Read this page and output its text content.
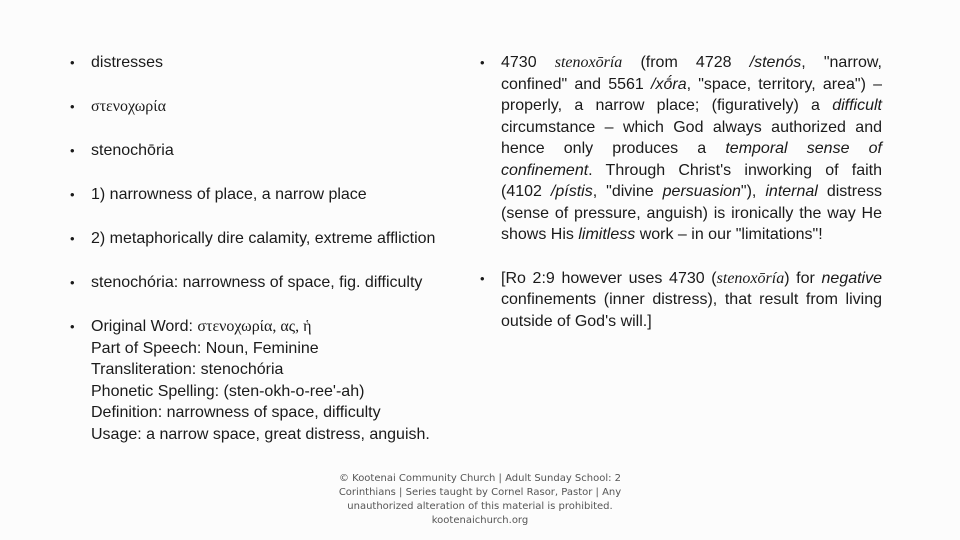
• distresses
• στενοχωρία
• stenochōria
• 1) narrowness of place, a narrow place
• 2) metaphorically dire calamity, extreme affliction
• stenochória: narrowness of space, fig. difficulty
• Original Word: στενοχωρία, ας, ἡ
Part of Speech: Noun, Feminine
Transliteration: stenochória
Phonetic Spelling: (sten-okh-o-ree'-ah)
Definition: narrowness of space, difficulty
Usage: a narrow space, great distress, anguish.
• 4730 stenoxōría (from 4728 /stenós, "narrow, confined" and 5561 /xṓra, "space, territory, area") – properly, a narrow place; (figuratively) a difficult circumstance – which God always authorized and hence only produces a temporal sense of confinement. Through Christ's inworking of faith (4102 /pístis, "divine persuasion"), internal distress (sense of pressure, anguish) is ironically the way He shows His limitless work – in our "limitations"!
• [Ro 2:9 however uses 4730 (stenoxōría) for negative confinements (inner distress), that result from living outside of God's will.]
© Kootenai Community Church | Adult Sunday School: 2
Corinthians | Series taught by Cornel Rasor, Pastor | Any
unauthorized alteration of this material is prohibited.
kootenaichurch.org
